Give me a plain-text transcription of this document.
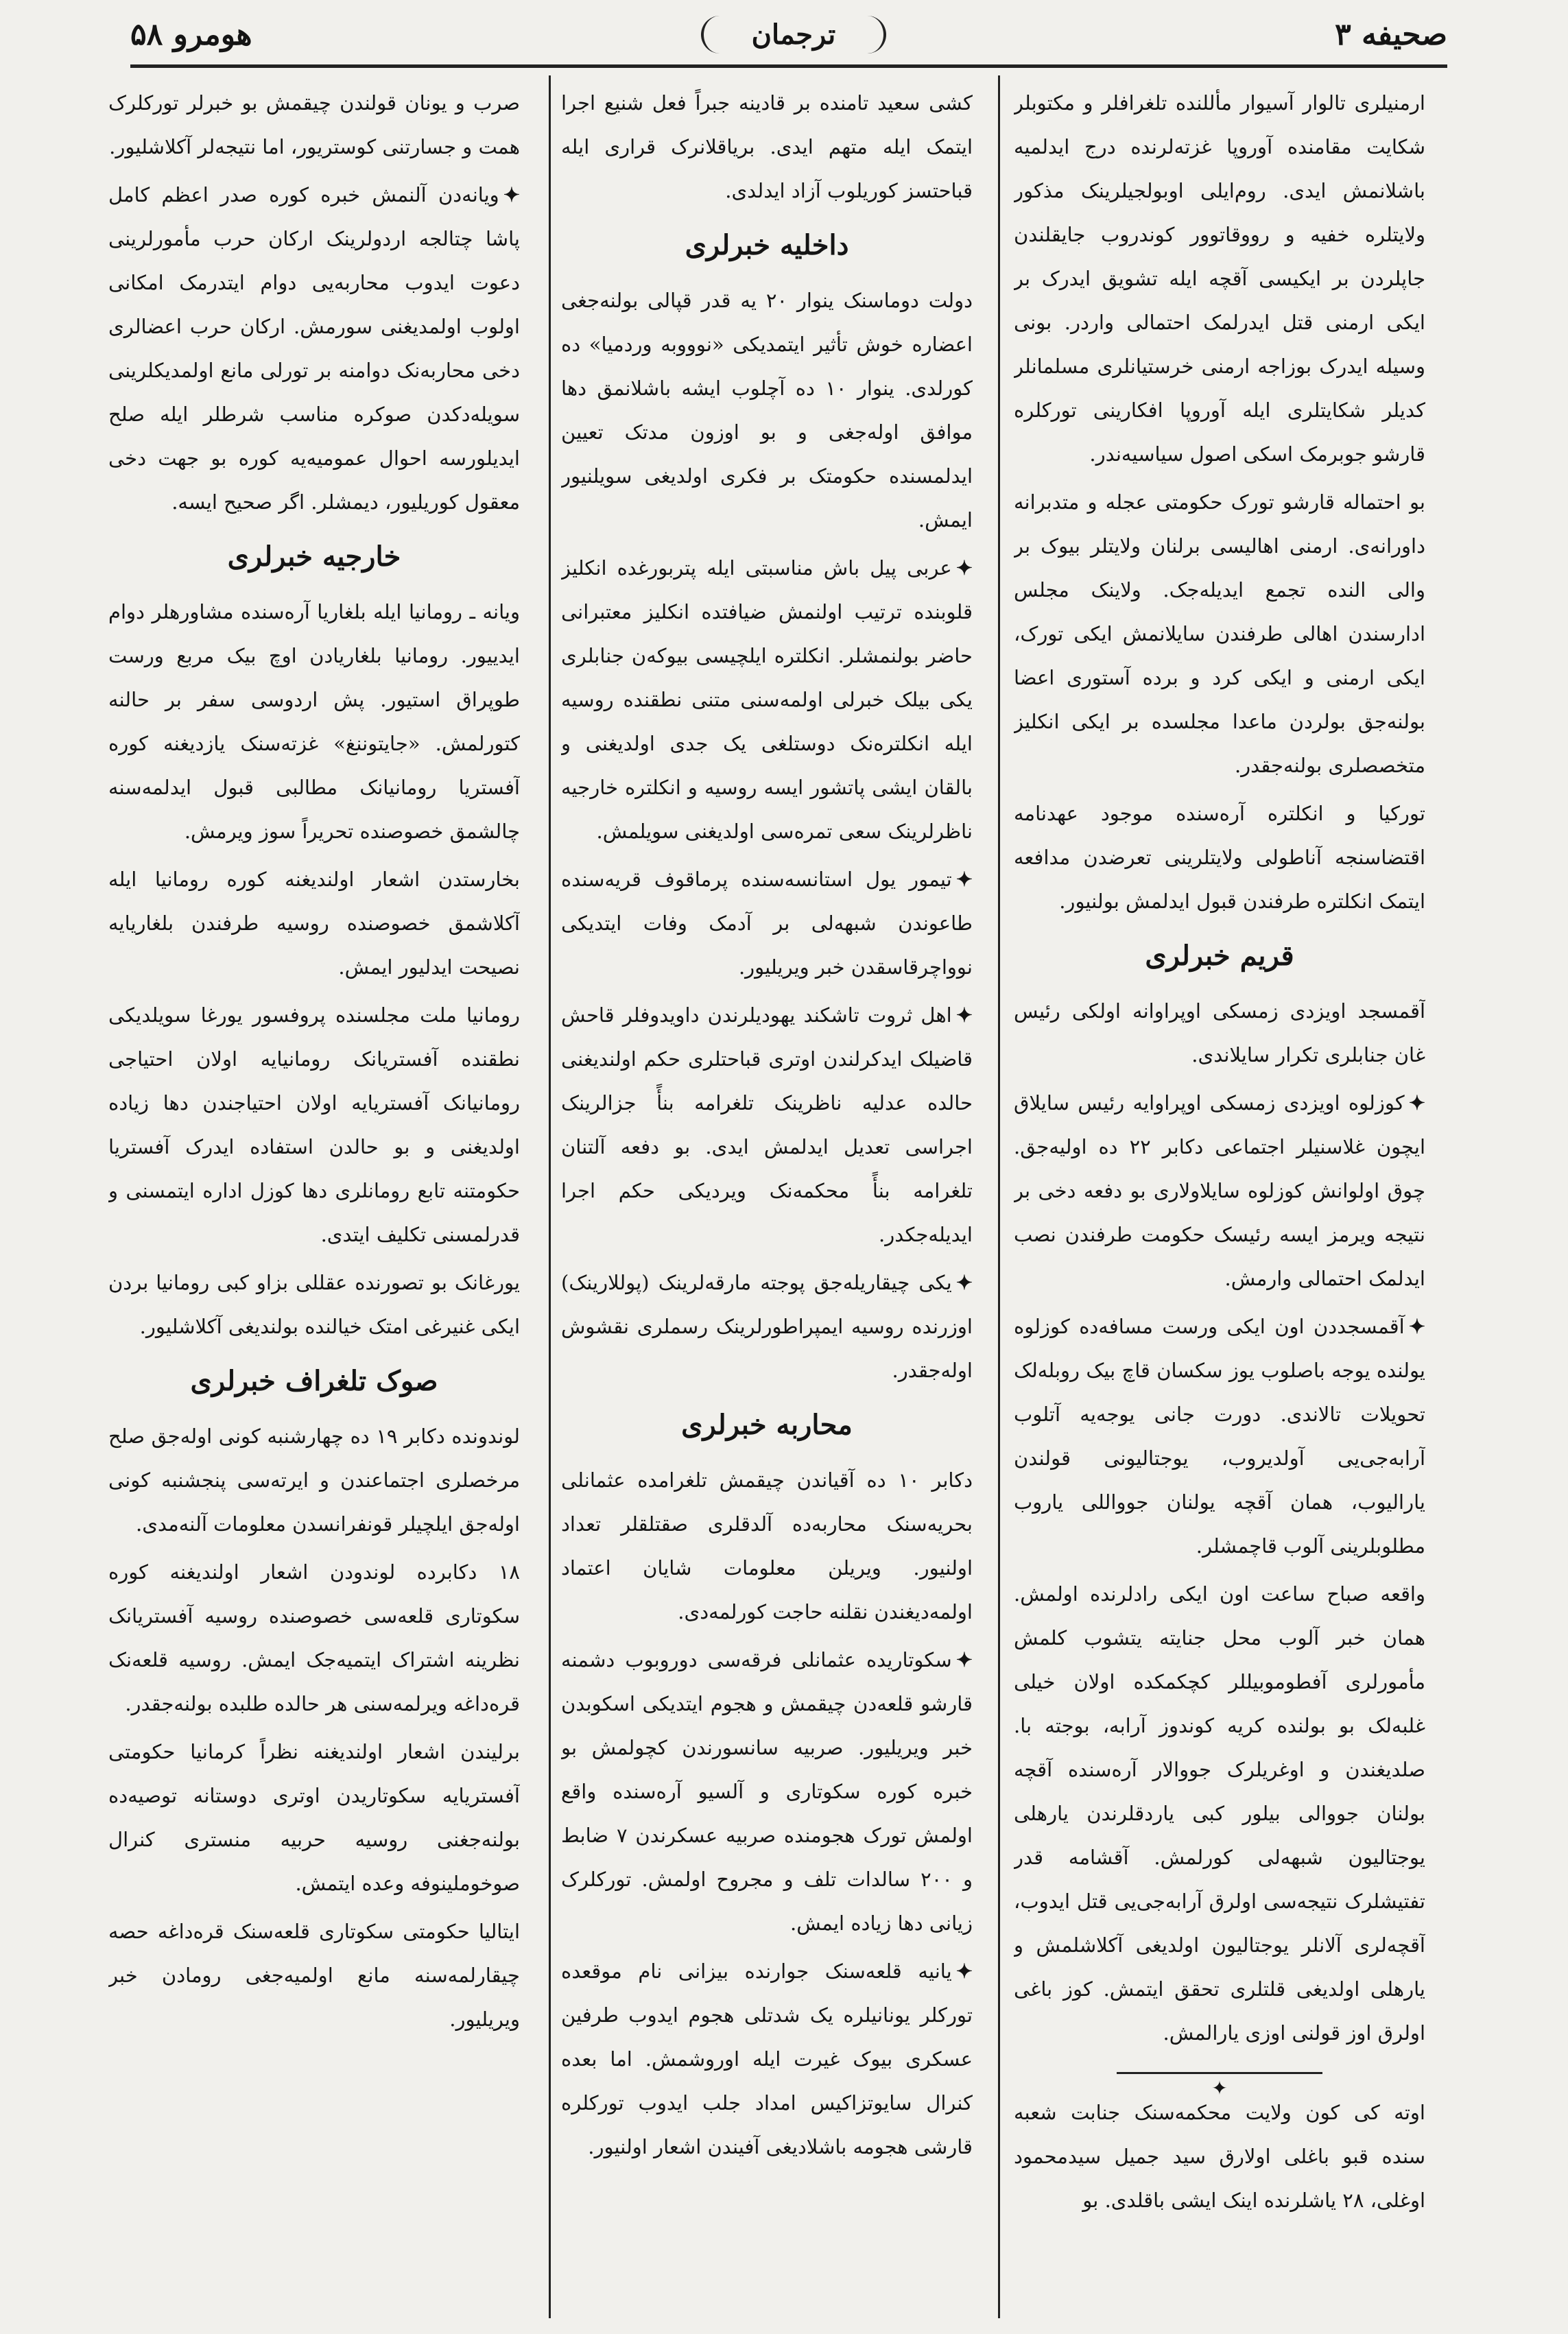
صحیفه ۳
ترجمان
هومرو ۵۸

ارمنیلری تالوار آسیوار مأللنده تلغرافلر و مکتوبلر شکایت مقامنده آوروپا غزته‌لرنده درج ایدلمیه باشلانمش ایدی. روم‌ایلی اوبولجیلرینک مذکور ولایتلره خفیه و رووقاتوور کوندروب جایقلندن جاپلردن بر ایکیسی آقچه ایله تشویق ایدرک بر ایکی ارمنی قتل ایدرلمک احتمالی واردر. بونی وسیله ایدرک بوزاجه ارمنی خرستیانلری مسلمانلر کدیلر شکایتلری ایله آوروپا افکارینی تورکلره قارشو جوبرمک اسکی اصول سیاسیه‌ندر.

بو احتماله قارشو تورک حکومتی عجله و متدبرانه داورانه‌ی. ارمنی اهالیسی برلنان ولایتلر بیوک بر والی النده تجمع ایدیله‌جک. ولاینک مجلس ادارسندن اهالی طرفندن سایلانمش ایکی تورک، ایکی ارمنی و ایکی کرد و برده آستوری اعضا بولنه‌جق بولردن ماعدا مجلسده بر ایکی انکلیز متخصصلری بولنه‌جقدر.

تورکیا و انکلتره آره‌سنده موجود عهدنامه اقتضاسنجه آناطولی ولایتلرینی تعرضدن مدافعه ایتمک انکلتره طرفندن قبول ایدلمش بولنیور.

قریم خبرلری

آقمسجد اویزدی زمسکی اوپراوانه اولکی رئیس غان جنابلری تکرار سایلاندی.

✦کوزلوه اویزدی زمسکی اوپراوایه رئیس سایلاق ایچون غلاسنیلر اجتماعی دکابر ۲۲ ده اولیه‌جق. چوق اولوانش کوزلوه سایلاولاری بو دفعه دخی بر نتیجه ویرمز ایسه رئیسک حکومت طرفندن نصب ایدلمک احتمالی وارمش.

✦آقمسجددن اون ایکی ورست مسافه‌ده کوزلوه یولنده یوجه باصلوب یوز سکسان قاچ بیک روبله‌لک تحویلات تالاندی. دورت جانی یوجه‌یه آتلوب آرابه‌جی‌یی آولدیروب، یوجتالیونی قولندن یارالیوب، همان آقچه یولنان جوواللی یاروب مطلوبلرینی آلوب قاچمشلر.

واقعه صباح ساعت اون ایکی رادلرنده اولمش. همان خبر آلوب محل جنایته یتشوب کلمش مأمورلری آفطوموبیللر کچکمکده اولان خیلی غلبه‌لک بو بولنده کریه کوندوز آرابه، بوجته با. صلدیغندن و اوغریلرک جووالار آره‌سنده آقچه بولنان جووالی بیلور کبی یاردقلرندن یارهلی یوجتالیون شبهه‌لی کورلمش. آقشامه قدر تفتیشلرک نتیجه‌سی اولرق آرابه‌جی‌یی قتل ایدوب، آقچه‌لری آلانلر یوجتالیون اولدیغی آکلاشلمش و یارهلی اولدیغی قلتلری تحقق ایتمش. کوز باغی اولرق اوز قولنی اوزی یارالمش.

✦

اوته کی کون ولایت محکمه‌سنک جنابت شعبه سنده قبو باغلی اولارق سید جمیل سید‌محمود اوغلی، ۲۸ یاشلرنده اینک ایشی باقلدی. بو

کشی سعید تامنده بر قادینه جبراً فعل شنیع اجرا ایتمک ایله متهم ایدی. بریاقلانرک قراری ایله قباحتسز کوریلوب آزاد ایدلدی.

داخلیه خبرلری

دولت دوماسنک ینوار ۲۰ یه قدر قپالی بولنه‌جغی اعضاره خوش تأثیر ایتمدیکی «نوووبه وردمیا» ده کورلدی. ینوار ۱۰ ده آچلوب ایشه باشلانمق دها موافق اوله‌جغی و بو اوزون مدتک تعیین ایدلمسنده حکومتک بر فکری اولدیغی سویلنیور ایمش.

✦عربی پیل باش‌ مناسبتی ایله پتربورغده انکلیز قلوبنده ترتیب اولنمش ضیافتده انکلیز معتبرانی حاضر بولنمشلر. انکلتره ایلچیسی بیوکه‌ن جنابلری یکی بیلک خبرلی اولمه‌سنی متنی نطقنده روسیه ایله انکلتره‌نک دوستلغی یک جدی اولدیغنی و بالقان ایشی پاتشور ایسه روسیه و انکلتره خارجیه ناظرلرینک سعی تمره‌سی اولدیغنی سویلمش.

✦تیمور یول استانسه‌سنده پرماقوف قریه‌سنده طاعوندن شبهه‌لی بر آدمک وفات ایتدیکی نوواچرقاسقدن خبر ویریلیور.

✦اهل ثروت تاشکند یهودیلرندن داویدوفلر قاحش قاضیلک ایدکرلندن اوتری قباحتلری حکم اولندیغنی حالده عدلیه ناظرینک تلغرامه بنأً جزالرینک اجراسی تعدیل ایدلمش ایدی. بو دفعه آلتنان تلغرامه بنأً محکمه‌نک ویردیکی حکم اجرا ایدیله‌جکدر.

✦یکی چیقاریله‌جق پوجته مارقه‌لرینک (پوللارینک) اوزرنده روسیه ایمپراطورلرینک رسملری نقشوش اوله‌جقدر.

محاربه خبرلری

دکابر ۱۰ ده آقیاندن چیقمش تلغرامده عثمانلی بحریه‌سنک محاربه‌ده آلدقلری صقتلقلر تعداد اولنیور. ویریلن معلومات شایان اعتماد اولمه‌دیغندن نقلنه حاجت کورلمه‌دی.

✦سکوتاریده عثمانلی فرقه‌سی دوروبوب دشمنه قارشو قلعه‌دن چیقمش و هجوم ایتدیکی اسکوبدن خبر ویریلیور. صربیه سانسورندن کچولمش بو خبره کوره سکوتاری و آلسیو آره‌سنده واقع اولمش تورک هجومنده صربیه عسکرندن ۷ ضابط و ۲۰۰ سالدات تلف و مجروح اولمش. تورکلرک زیانی دها زیاده ایمش.

✦یانیه قلعه‌سنک جوارنده بیزانی نام موقعده تورکلر یونانیلره یک شدتلی هجوم ایدوب طرفین عسکری بیوک غیرت ایله اوروشمش. اما بعده کنرال سایوتزاکیس امداد جلب ایدوب تورکلره قارشی هجومه باشلادیغی آفیندن اشعار اولنیور.

صرب و یونان قولندن چیقمش بو خبرلر تورکلرک همت و جسارتنی کوستریور، اما نتیجه‌لر آکلاشلیور.

✦ویانه‌دن آلنمش خبره کوره صدر اعظم کامل پاشا چتالجه اردولرینک ارکان حرب مأمورلرینی دعوت ایدوب محاربه‌یی دوام ایتدرمک امکانی اولوب اولمدیغنی سورمش. ارکان حرب اعضالری دخی محاربه‌نک دوامنه بر تورلی مانع اولمدیکلرینی سویله‌دکدن صوکره مناسب شرطلر ایله صلح ایدیلورسه احوال عمومیه‌یه کوره بو جهت دخی معقول کوریلیور، دیمشلر. اگر صحیح ایسه.

خارجیه خبرلری

ویانه ـ رومانیا ایله بلغاریا آره‌سنده مشاورهلر دوام ایدییور. رومانیا بلغاریادن اوچ بیک مربع ورست طوپراق استیور. پش اردوسی سفر بر حالنه کتورلمش. «جایتوننغ» غزته‌سنک یازدیغنه کوره آفستریا رومانیانک مطالبی قبول ایدلمه‌سنه چالشمق خصوصنده تحریراً سوز ویرمش.

بخارستدن اشعار اولندیغنه کوره رومانیا ایله آکلاشمق خصوصنده روسیه طرفندن بلغاریایه نصیحت ایدلیور ایمش.

رومانیا ملت مجلسنده پروفسور یورغا سویلدیکی نطقنده آفستریانک رومانیایه اولان احتیاجی رومانیانک آفستریایه اولان احتیاجندن دها زیاده اولدیغنی و بو حالدن استفاده ایدرک آفستریا حکومتنه تابع رومانلری دها کوزل اداره ایتمسنی و قدرلمسنی تکلیف ایتدی.

یورغانک بو تصورنده عقللی بزاو کبی رومانیا بردن ایکی غنیرغی امتک خیالنده بولندیغی آکلاشلیور.

صوک تلغراف خبرلری

لوندونده دکابر ۱۹ ده چهارشنبه کونی اوله‌جق صلح مرخصلری اجتماعندن و ایرته‌سی پنجشنبه کونی اوله‌جق ایلچیلر قونفرانسدن معلومات آلنه‌مدی.

۱۸ دکابرده لوندودن اشعار اولندیغنه کوره سکوتاری قلعه‌سی خصوصنده روسیه آفستریانک نظرینه اشتراک ایتمیه‌جک ایمش. روسیه قلعه‌نک قره‌داغه ویرلمه‌سنی هر حالده طلبده بولنه‌جقدر.

برلیندن اشعار اولندیغنه نظراً کرمانیا حکومتی آفستریایه سکوتاریدن اوتری دوستانه توصیه‌ده بولنه‌جغنی روسیه حربیه منستری کنرال صوخوملینوفه وعده ایتمش.

ایتالیا حکومتی سکوتاری قلعه‌سنک قره‌داغه حصه چیقارلمه‌سنه مانع اولمیه‌جغی رومادن خبر ویریلیور.
